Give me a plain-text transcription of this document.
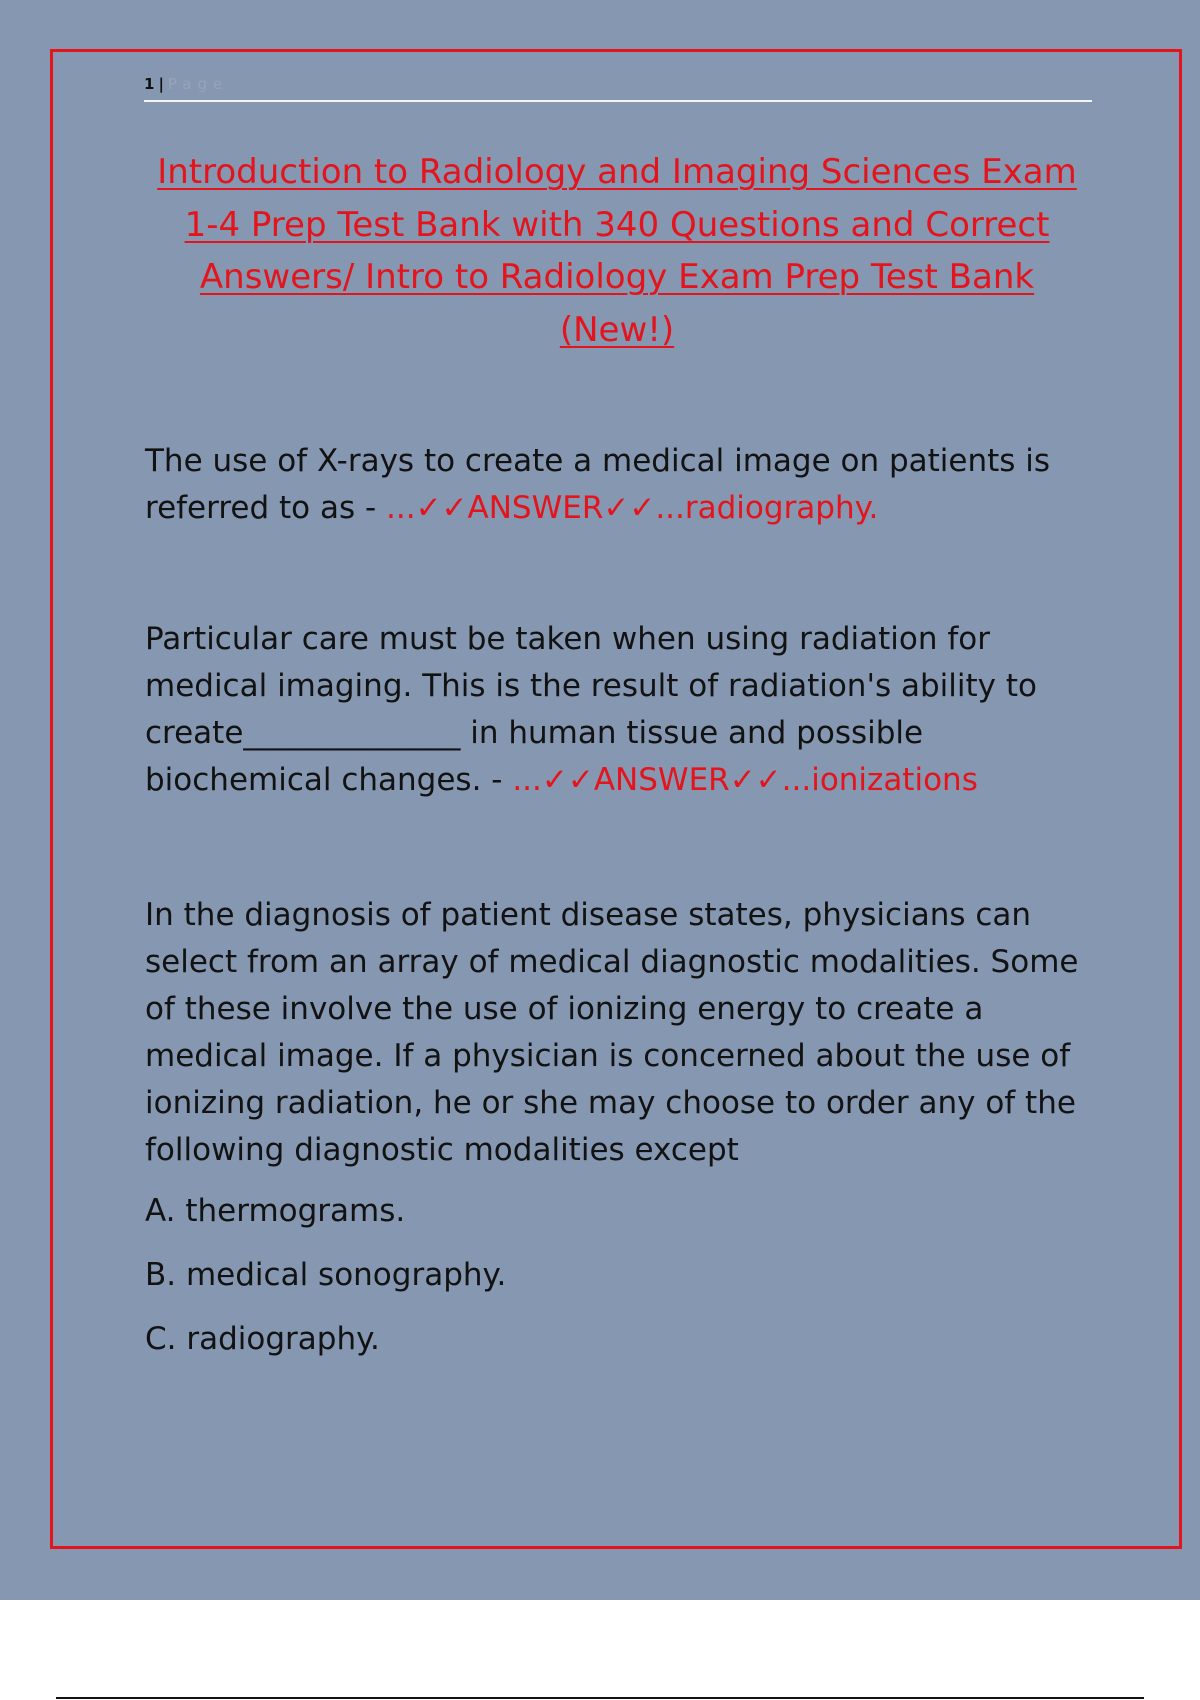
1 | Page
Introduction to Radiology and Imaging Sciences Exam 1-4 Prep Test Bank with 340 Questions and Correct Answers/ Intro to Radiology Exam Prep Test Bank (New!)

The use of X-rays to create a medical image on patients is referred to as - ...✓✓ANSWER✓✓...radiography.

Particular care must be taken when using radiation for medical imaging. This is the result of radiation's ability to create______________ in human tissue and possible biochemical changes. - ...✓✓ANSWER✓✓...ionizations

In the diagnosis of patient disease states, physicians can select from an array of medical diagnostic modalities. Some of these involve the use of ionizing energy to create a medical image. If a physician is concerned about the use of ionizing radiation, he or she may choose to order any of the following diagnostic modalities except

A. thermograms.

B. medical sonography.

C. radiography.
